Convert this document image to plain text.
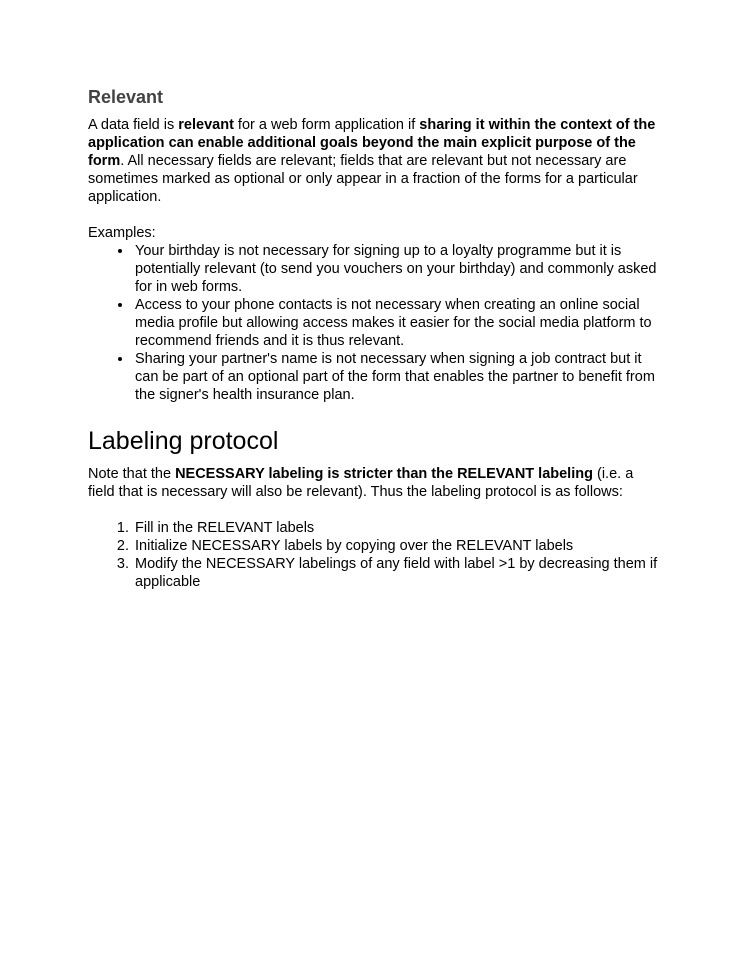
Relevant

A data field is relevant for a web form application if sharing it within the context of the application can enable additional goals beyond the main explicit purpose of the form. All necessary fields are relevant; fields that are relevant but not necessary are sometimes marked as optional or only appear in a fraction of the forms for a particular application.

Examples:

• Your birthday is not necessary for signing up to a loyalty programme but it is potentially relevant (to send you vouchers on your birthday) and commonly asked for in web forms.
• Access to your phone contacts is not necessary when creating an online social media profile but allowing access makes it easier for the social media platform to recommend friends and it is thus relevant.
• Sharing your partner's name is not necessary when signing a job contract but it can be part of an optional part of the form that enables the partner to benefit from the signer's health insurance plan.
Labeling protocol

Note that the NECESSARY labeling is stricter than the RELEVANT labeling (i.e. a field that is necessary will also be relevant). Thus the labeling protocol is as follows:

1. Fill in the RELEVANT labels
2. Initialize NECESSARY labels by copying over the RELEVANT labels
3. Modify the NECESSARY labelings of any field with label >1 by decreasing them if applicable
